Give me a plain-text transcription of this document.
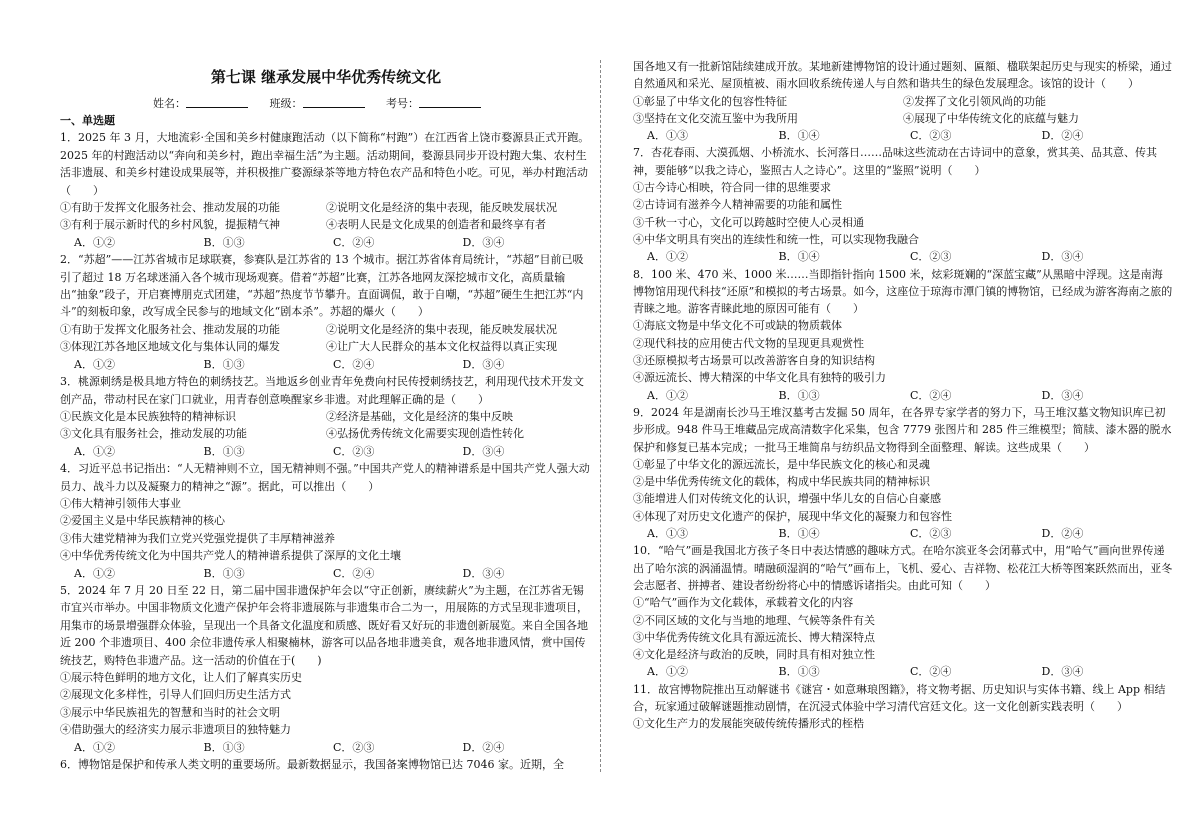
第七课 继承发展中华优秀传统文化
姓名：	班级：	考号：
一、单选题

1．2025 年 3 月，大地流彩·全国和美乡村健康跑活动（以下简称“村跑”）在江西省上饶市婺源县正式开跑。2025 年的村跑活动以“奔向和美乡村，跑出幸福生活”为主题。活动期间，婺源县同步开设村跑大集、农村生活非遗展、和美乡村建设成果展等，并积极推广婺源绿茶等地方特色农产品和特色小吃。可见，举办村跑活动（　　）

①有助于发挥文化服务社会、推动发展的功能	②说明文化是经济的集中表现，能反映发展状况
③有利于展示新时代的乡村风貌，提振精气神	④表明人民是文化成果的创造者和最终享有者
A．①②	B．①③	C．②④	D．③④

2．“苏超”——江苏省城市足球联赛，参赛队是江苏省的 13 个城市。据江苏省体育局统计，“苏超”目前已吸引了超过 18 万名球迷涌入各个城市现场观赛。借着“苏超”比赛，江苏各地网友深挖城市文化，高质量输出“抽象”段子，开启赛博朋克式团建，“苏超”热度节节攀升。直面调侃，敢于自嘲，“苏超”硬生生把江苏“内斗”的刻板印象，改写成全民参与的地域文化“剧本杀”。苏超的爆火（　　）

①有助于发挥文化服务社会、推动发展的功能	②说明文化是经济的集中表现，能反映发展状况
③体现江苏各地区地域文化与集体认同的爆发	④让广大人民群众的基本文化权益得以真正实现
A．①②	B．①③	C．②④	D．③④

3．桃源刺绣是极具地方特色的刺绣技艺。当地返乡创业青年免费向村民传授刺绣技艺，利用现代技术开发文创产品，带动村民在家门口就业，用青春创意唤醒家乡非遗。对此理解正确的是（　　）

①民族文化是本民族独特的精神标识	②经济是基础，文化是经济的集中反映
③文化具有服务社会，推动发展的功能	④弘扬优秀传统文化需要实现创造性转化
A．①②	B．①③	C．②③	D．③④

4．习近平总书记指出：“人无精神则不立，国无精神则不强。”中国共产党人的精神谱系是中国共产党人强大动员力、战斗力以及凝聚力的精神之“源”。据此，可以推出（　　）

①伟大精神引领伟大事业

②爱国主义是中华民族精神的核心

③伟大建党精神为我们立党兴党强党提供了丰厚精神滋养

④中华优秀传统文化为中国共产党人的精神谱系提供了深厚的文化土壤

A．①②	B．①③	C．②④	D．③④

5．2024 年 7 月 20 日至 22 日，第二届中国非遗保护年会以“守正创新，赓续薪火”为主题，在江苏省无锡市宜兴市举办。中国非物质文化遗产保护年会将非遗展陈与非遗集市合二为一，用展陈的方式呈现非遗项目，用集市的场景增强群众体验，呈现出一个具备文化温度和质感、既好看又好玩的非遗创新展览。来自全国各地近 200 个非遗项目、400 余位非遗传承人相聚楠林，游客可以品各地非遗美食，观各地非遗风情，赏中国传统技艺，购特色非遗产品。这一活动的价值在于(　　)

①展示特色鲜明的地方文化，让人们了解真实历史

②展现文化多样性，引导人们回归历史生活方式

③展示中华民族祖先的智慧和当时的社会文明

④借助强大的经济实力展示非遗项目的独特魅力

A．①②	B．①③	C．②③	D．②④

6．博物馆是保护和传承人类文明的重要场所。最新数据显示，我国备案博物馆已达 7046 家。近期，全

国各地又有一批新馆陆续建成开放。某地新建博物馆的设计通过题刻、匾額、楹联架起历史与现实的桥梁，通过自然通风和采光、屋顶植被、雨水回收系统传递人与自然和谐共生的绿色发展理念。该馆的设计（　　）

①彰显了中华文化的包容性特征	②发挥了文化引领风尚的功能
③坚持在文化交流互鉴中为我所用	④展现了中华传统文化的底蕴与魅力
A．①③	B．①④	C．②③	D．②④

7．杏花春雨、大漠孤烟、小桥流水、长河落日……品味这些流动在古诗词中的意象，赏其美、品其意、传其神，要能够“以我之诗心，鉴照古人之诗心”。这里的“鉴照”说明（　　）

①古今诗心相映，符合同一律的思维要求

②古诗词有滋养今人精神需要的功能和属性

③千秋一寸心，文化可以跨越时空使人心灵相通

④中华文明具有突出的连续性和统一性，可以实现物我融合

A．①②	B．①④	C．②③	D．③④

8．100 米、470 米、1000 米……当即指针指向 1500 米，炫彩斑斓的“深蓝宝藏”从黑暗中浮现。这是南海博物馆用现代科技“还原”和模拟的考古场景。如今，这座位于琼海市潭门镇的博物馆，已经成为游客海南之旅的青睐之地。游客青睐此地的原因可能有（　　）

①海底文物是中华文化不可或缺的物质载体

②现代科技的应用使古代文物的呈现更具观赏性

③还原模拟考古场景可以改善游客自身的知识结构

④源远流长、博大精深的中华文化具有独特的吸引力

A．①②	B．①③	C．②④	D．③④

9．2024 年是湖南长沙马王堆汉墓考古发掘 50 周年，在各界专家学者的努力下，马王堆汉墓文物知识库已初步形成。948 件马王堆藏品完成高清数字化采集，包含 7779 张图片和 285 件三维模型；简牍、漆木器的脱水保护和修复已基本完成；一批马王堆简帛与纺织品文物得到全面整理、解读。这些成果（　　）

①彰显了中华文化的源远流长，是中华民族文化的核心和灵魂

②是中华优秀传统文化的载体，构成中华民族共同的精神标识

③能增进人们对传统文化的认识，增强中华儿女的自信心自豪感

④体现了对历史文化遗产的保护，展现中华文化的凝聚力和包容性

A．①③	B．①④	C．②③	D．②④

10．“哈气”画是我国北方孩子冬日中表达情感的趣味方式。在哈尔滨亚冬会闭幕式中，用“哈气”画向世界传递出了哈尔滨的涡涌温情。晴融硕湿润的“哈气”画布上，飞机、爱心、吉祥物、松花江大桥等图案跃然而出，亚冬会志愿者、拼搏者、建设者纷纷将心中的情感诉诸指尖。由此可知（　　）

①“哈气”画作为文化载体，承载着文化的内容

②不同区域的文化与当地的地理、气候等条件有关

③中华优秀传统文化具有源远流长、博大精深特点

④文化是经济与政治的反映，同时具有相对独立性

A．①②	B．①③	C．②④	D．③④

11．故宫博物院推出互动解谜书《谜宫・如意琳琅图籍》，将文物考据、历史知识与实体书籍、线上 App 相结合，玩家通过破解谜题推动剧情，在沉浸式体验中学习清代宫廷文化。这一文化创新实践表明（　　）

①文化生产力的发展能突破传统传播形式的桎梏
